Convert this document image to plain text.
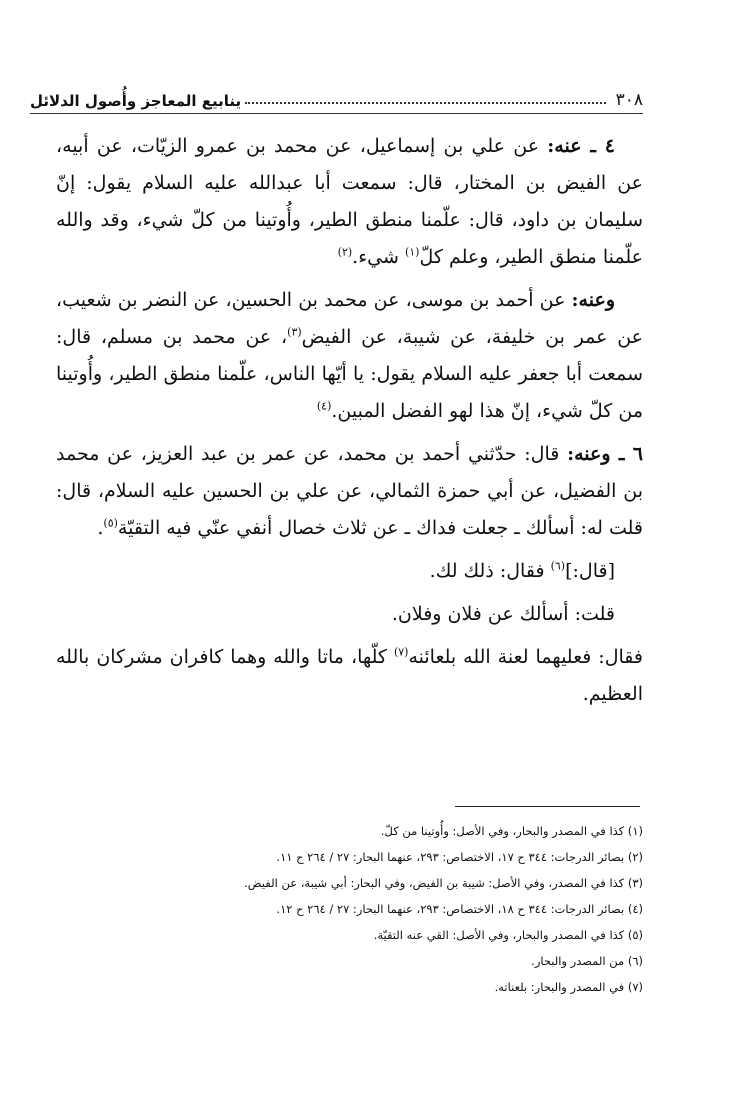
٣٠٨
ينابيع المعاجز وأُصول الدلائل

٤ ـ عنه: عن علي بن إسماعيل، عن محمد بن عمرو الزيّات، عن أبيه، عن الفيض بن المختار، قال: سمعت أبا عبدالله عليه السلام يقول: إنّ سليمان بن داود، قال: علّمنا منطق الطير، وأُوتينا من كلّ شيء، وقد والله علّمنا منطق الطير، وعلم كلّ$^{(١)}$ شيء.$^{(٢)}$

وعنه: عن أحمد بن موسى، عن محمد بن الحسين، عن النضر بن شعيب، عن عمر بن خليفة، عن شيبة، عن الفيض$^{(٣)}$، عن محمد بن مسلم، قال: سمعت أبا جعفر عليه السلام يقول: يا أيّها الناس، علّمنا منطق الطير، وأُوتينا من كلّ شيء، إنّ هذا لهو الفضل المبين.$^{(٤)}$

٦ ـ وعنه: قال: حدّثني أحمد بن محمد، عن عمر بن عبد العزيز، عن محمد بن الفضيل، عن أبي حمزة الثمالي، عن علي بن الحسين عليه السلام، قال: قلت له: أسألك ـ جعلت فداك ـ عن ثلاث خصال أنفي عنّي فيه التقيّة$^{(٥)}$.

[قال:]$^{(٦)}$ فقال: ذلك لك.

قلت: أسألك عن فلان وفلان.

فقال: فعليهما لعنة الله بلعائنه$^{(٧)}$ كلّها، ماتا والله وهما كافران مشركان بالله العظيم.

(١) كذا في المصدر والبحار، وفي الأصل: وأُوتينا من كلّ.

(٢) بصائر الدرجات: ٣٤٤ ح ١٧، الاختصاص: ٢٩٣، عنهما البحار: ٢٧ / ٢٦٤ ح ١١.

(٣) كذا في المصدر، وفي الأصل: شيبة بن الفيض، وفي البحار: أبي شيبة، عن الفيض.

(٤) بصائر الدرجات: ٣٤٤ ح ١٨، الاختصاص: ٢٩٣، عنهما البحار: ٢٧ / ٢٦٤ ح ١٢.

(٥) كذا في المصدر والبحار، وفي الأصل: القي عنه التقيّة.

(٦) من المصدر والبحار.

(٧) في المصدر والبحار: بلعناته.
